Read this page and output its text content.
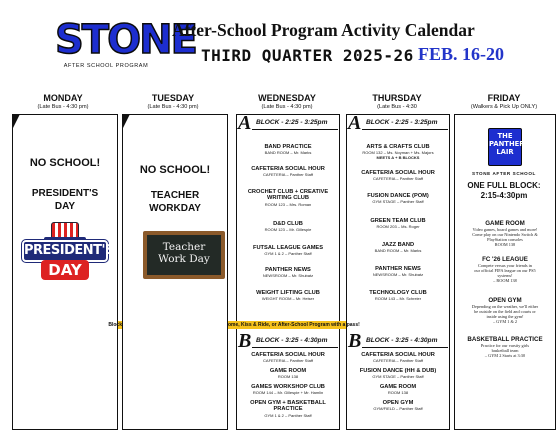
STONE
AFTER SCHOOL PROGRAM
After-School Program Activity Calendar
THIRD QUARTER 2025-26 FEB. 16-20
MONDAY
(Late Bus - 4:30 pm)
TUESDAY
(Late Bus - 4:30 pm)
WEDNESDAY
(Late Bus - 4:30 pm)
THURSDAY
(Late Bus - 4:30
FRIDAY
(Walkers & Pick Up ONLY)
NO SCHOOL!
PRESIDENT'S
DAY
PRESIDENT'S
DAY
NO SCHOOL!
TEACHER
WORKDAY
Teacher
Work Day
A BLOCK - 2:25 - 3:25pm
BAND PRACTICE
BAND ROOM – Mr. Marks
CAFETERIA SOCIAL HOUR
CAFETERIA – Panther Staff
CROCHET CLUB + CREATIVE WRITING CLUB
ROOM 123 – Mrs. Roman
D&D CLUB
ROOM 123 – Mr. Gillespie
FUTSAL LEAGUE GAMES
GYM 1 & 2 – Panther Staff
PANTHER NEWS
NEWSROOM – Mr. Shubatz
WEIGHT LIFTING CLUB
WEIGHT ROOM – Mr. Heiser
B BLOCK - 3:25 - 4:30pm
CAFETERIA SOCIAL HOUR
CAFETERIA – Panther Staff
GAME ROOM
ROOM 138
GAMES WORKSHOP CLUB
ROOM 144 – Mr. Gillespie + Mr. Hamlin
OPEN GYM + BASKETBALL PRACTICE
GYM 1 & 2 – Panther Staff
A BLOCK - 2:25 - 3:25pm
ARTS & CRAFTS CLUB
ROOM 132 – Ms. Noyman + Ms. Majors
MEETS A + B BLOCKS
CAFETERIA SOCIAL HOUR
CAFETERIA – Panther Staff
FUSION DANCE (POM)
GYM STAGE – Panther Staff
GREEN TEAM CLUB
ROOM 203 – Ms. Roger
JAZZ BAND
BAND ROOM – Mr. Marks
PANTHER NEWS
NEWSROOM – Mr. Shubatz
TECHNOLOGY CLUB
ROOM 143 – Mr. Schreier
B BLOCK - 3:25 - 4:30pm
CAFETERIA SOCIAL HOUR
CAFETERIA – Panther Staff
FUSION DANCE (HH & DUB)
GYM STAGE – Panther Staff
GAME ROOM
ROOM 138
OPEN GYM
GYM/FIELD – Panther Staff
Block	ome, Kiss & Ride, or After-School Program with a pass!
THE
PANTHERS
LAIR
STONE AFTER SCHOOL
ONE FULL BLOCK:
2:15-4:30pm
GAME ROOM
Video games, board games and more!
Come play on our Nintendo Switch &
PlayStation consoles
ROOM 138
FC '26 LEAGUE
Compete versus your friends in
our official FIFA league on our PS5
systems!
– ROOM 138
OPEN GYM
Depending on the weather, we'll either
be outside on the field and courts or
inside using the gym!
– GYM 1 & 2
BASKETBALL PRACTICE
Practice for our varsity girls
basketball team
– GYM 2 Starts at 3:30
